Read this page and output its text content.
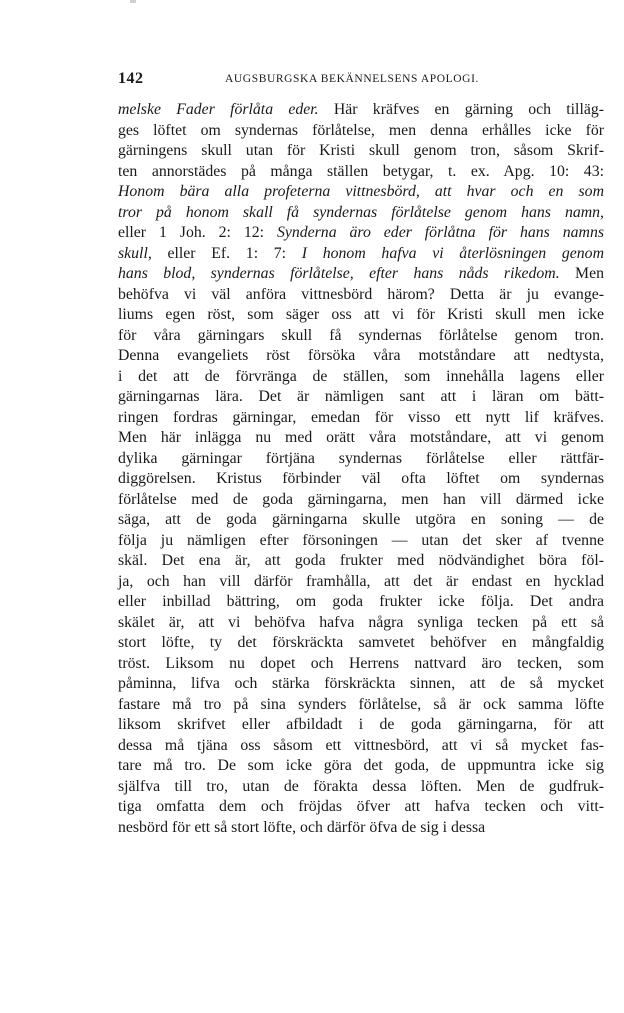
142	AUGSBURGSKA BEKÄNNELSENS APOLOGI.
melske Fader förlåta eder. Här kräfves en gärning och tilläg-
ges löftet om syndernas förlåtelse, men denna erhålles icke för
gärningens skull utan för Kristi skull genom tron, såsom Skrif-
ten annorstädes på många ställen betygar, t. ex. Apg. 10: 43:
Honom bära alla profeterna vittnesbörd, att hvar och en som
tror på honom skall få syndernas förlåtelse genom hans namn,
eller 1 Joh. 2: 12: Synderna äro eder förlåtna för hans namns
skull, eller Ef. 1: 7: I honom hafva vi återlösningen genom
hans blod, syndernas förlåtelse, efter hans nåds rikedom. Men
behöfva vi väl anföra vittnesbörd härom? Detta är ju evange-
liums egen röst, som säger oss att vi för Kristi skull men icke
för våra gärningars skull få syndernas förlåtelse genom tron.
Denna evangeliets röst försöka våra motståndare att nedtysta,
i det att de förvränga de ställen, som innehålla lagens eller
gärningarnas lära. Det är nämligen sant att i läran om bätt-
ringen fordras gärningar, emedan för visso ett nytt lif kräfves.
Men här inlägga nu med orätt våra motståndare, att vi genom
dylika gärningar förtjäna syndernas förlåtelse eller rättfär-
diggörelsen. Kristus förbinder väl ofta löftet om syndernas
förlåtelse med de goda gärningarna, men han vill därmed icke
säga, att de goda gärningarna skulle utgöra en soning — de
följa ju nämligen efter försoningen — utan det sker af tvenne
skäl. Det ena är, att goda frukter med nödvändighet böra föl-
ja, och han vill därför framhålla, att det är endast en hycklad
eller inbillad bättring, om goda frukter icke följa. Det andra
skälet är, att vi behöfva hafva några synliga tecken på ett så
stort löfte, ty det förskräckta samvetet behöfver en mångfaldig
tröst. Liksom nu dopet och Herrens nattvard äro tecken, som
påminna, lifva och stärka förskräckta sinnen, att de så mycket
fastare må tro på sina synders förlåtelse, så är ock samma löfte
liksom skrifvet eller afbildadt i de goda gärningarna, för att
dessa må tjäna oss såsom ett vittnesbörd, att vi så mycket fas-
tare må tro. De som icke göra det goda, de uppmuntra icke sig
själfva till tro, utan de förakta dessa löften. Men de gudfruk-
tiga omfatta dem och fröjdas öfver att hafva tecken och vitt-
nesbörd för ett så stort löfte, och därför öfva de sig i dessa
